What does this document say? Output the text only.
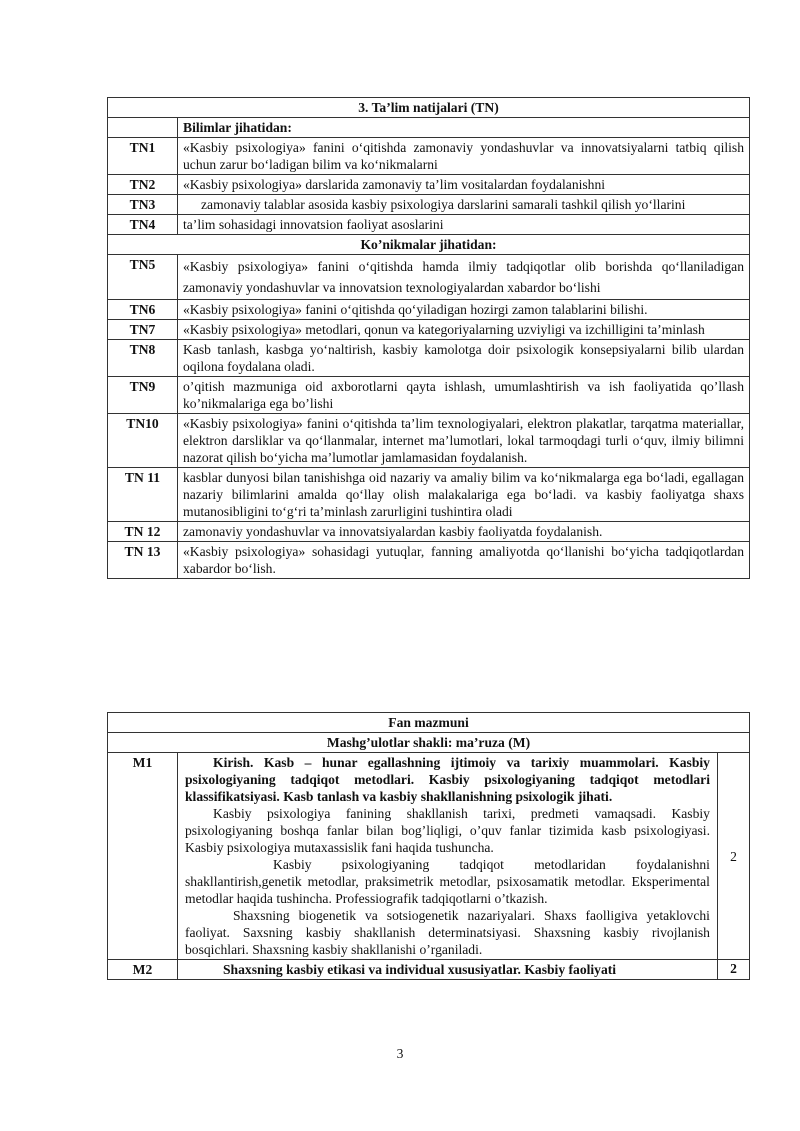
3. Ta’lim natijalari (TN)	
	Bilimlar jihatidan:
TN1	«Kasbiy psixologiya» fanini o‘qitishda zamonaviy yondashuvlar va innovatsiyalarni tatbiq qilish uchun zarur bo‘ladigan bilim va ko‘nikmalarni
TN2	«Kasbiy psixologiya» darslarida zamonaviy ta’lim vositalardan foydalanishni
TN3	zamonaviy talablar asosida kasbiy psixologiya darslarini samarali tashkil qilish yo‘llarini
TN4	ta’lim sohasidagi innovatsion faoliyat asoslarini
Ko’nikmalar jihatidan:	
TN5	«Kasbiy psixologiya» fanini o‘qitishda hamda ilmiy tadqiqotlar olib borishda qo‘llaniladigan zamonaviy yondashuvlar va innovatsion texnologiyalardan xabardor bo‘lishi
TN6	«Kasbiy psixologiya» fanini o‘qitishda qo‘yiladigan hozirgi zamon talablarini bilishi.
TN7	«Kasbiy psixologiya» metodlari, qonun va kategoriyalarning uzviyligi va izchilligini ta’minlash
TN8	Kasb tanlash, kasbga yo‘naltirish, kasbiy kamolotga doir psixologik konsepsiyalarni bilib ulardan oqilona foydalana oladi.
TN9	o’qitish mazmuniga oid axborotlarni qayta ishlash, umumlashtirish va ish faoliyatida qo’llash ko’nikmalariga ega bo’lishi
TN10	«Kasbiy psixologiya» fanini o‘qitishda ta’lim texnologiyalari, elektron plakatlar, tarqatma materiallar, elektron darsliklar va qo‘llanmalar, internet ma’lumotlari, lokal tarmoqdagi turli o‘quv, ilmiy bilimni nazorat qilish bo‘yicha ma’lumotlar jamlamasidan foydalanish.
TN 11	kasblar dunyosi bilan tanishishga oid nazariy va amaliy bilim va ko‘nikmalarga ega bo‘ladi, egallagan nazariy bilimlarini amalda qo‘llay olish malakalariga ega bo‘ladi. va kasbiy faoliyatga shaxs mutanosibligini to‘g‘ri ta’minlash zarurligini tushintira oladi
TN 12	zamonaviy yondashuvlar va innovatsiyalardan kasbiy faoliyatda foydalanish.
TN 13	«Kasbiy psixologiya» sohasidagi yutuqlar, fanning amaliyotda qo‘llanishi bo‘yicha tadqiqotlardan xabardor bo‘lish.
Fan mazmuni		
Mashg’ulotlar shakli: ma’ruza (M)		
M1	Kirish. Kasb – hunar egallashning ijtimoiy va tarixiy muammolari. Kasbiy psixologiyaning tadqiqot metodlari. Kasbiy psixologiyaning tadqiqot metodlari klassifikatsiyasi. Kasb tanlash va kasbiy shakllanishning psixologik jihati.
Kasbiy psixologiya fanining shakllanish tarixi, predmeti vamaqsadi. Kasbiy psixologiyaning boshqa fanlar bilan bog’liqligi, o’quv fanlar tizimida kasb psixologiyasi. Kasbiy psixologiya mutaxassislik fani haqida tushuncha.
Kasbiy psixologiyaning tadqiqot metodlaridan foydalanishni shakllantirish,genetik metodlar, praksimetrik metodlar, psixosamatik metodlar. Eksperimental metodlar haqida tushincha. Professiografik tadqiqotlarni o’tkazish.
Shaxsning biogenetik va sotsiogenetik nazariyalari. Shaxs faolligiva yetaklovchi faoliyat. Saxsning kasbiy shakllanish determinatsiyasi. Shaxsning kasbiy rivojlanish bosqichlari. Shaxsning kasbiy shakllanishi o’rganiladi.	2
M2	Shaxsning kasbiy etikasi va individual xususiyatlar. Kasbiy faoliyati	2
3
